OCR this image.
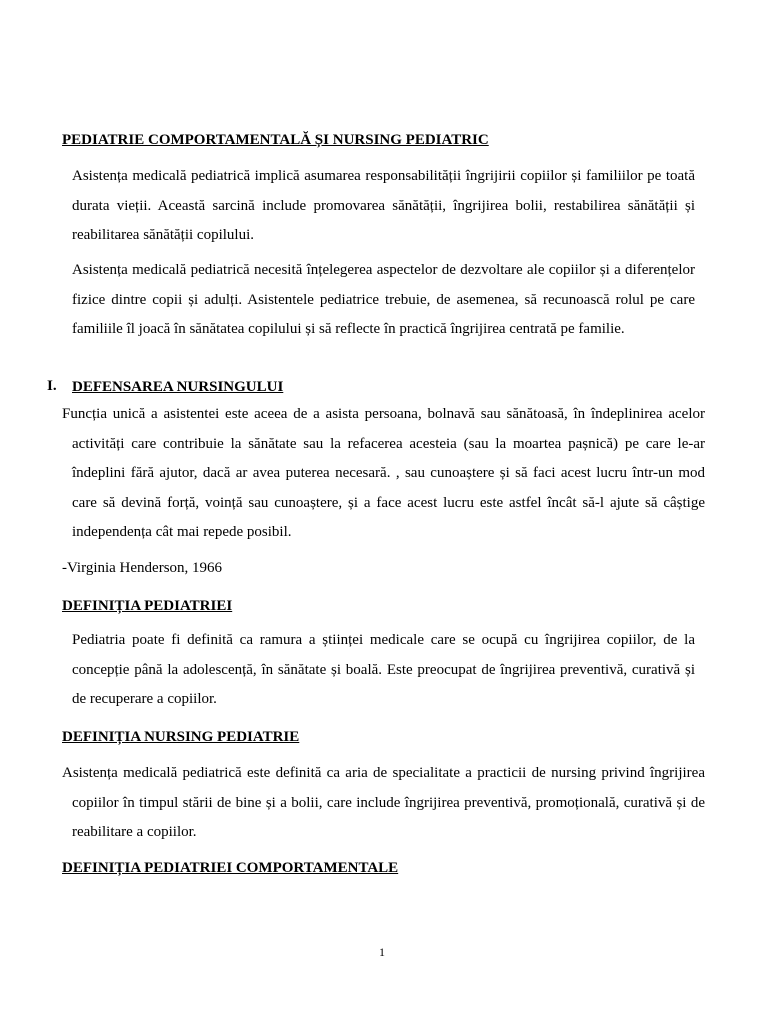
PEDIATRIE COMPORTAMENTALĂ ȘI NURSING PEDIATRIC

Asistența medicală pediatrică implică asumarea responsabilității îngrijirii copiilor și familiilor pe toată durata vieții. Această sarcină include promovarea sănătății, îngrijirea bolii, restabilirea sănătății și reabilitarea sănătății copilului.

Asistența medicală pediatrică necesită înțelegerea aspectelor de dezvoltare ale copiilor și a diferențelor fizice dintre copii și adulți. Asistentele pediatrice trebuie, de asemenea, să recunoască rolul pe care familiile îl joacă în sănătatea copilului și să reflecte în practică îngrijirea centrată pe familie.

I. DEFENSAREA NURSINGULUI

Funcția unică a asistentei este aceea de a asista persoana, bolnavă sau sănătoasă, în îndeplinirea acelor activități care contribuie la sănătate sau la refacerea acesteia (sau la moartea pașnică) pe care le-ar îndeplini fără ajutor, dacă ar avea puterea necesară. , sau cunoaștere și să faci acest lucru într-un mod care să devină forță, voință sau cunoaștere, și a face acest lucru este astfel încât să-l ajute să câștige independența cât mai repede posibil.

-Virginia Henderson, 1966
DEFINIȚIA PEDIATRIEI

Pediatria poate fi definită ca ramura a științei medicale care se ocupă cu îngrijirea copiilor, de la concepție până la adolescență, în sănătate și boală. Este preocupat de îngrijirea preventivă, curativă și de recuperare a copiilor.

DEFINIȚIA NURSING PEDIATRIE

Asistența medicală pediatrică este definită ca aria de specialitate a practicii de nursing privind îngrijirea copiilor în timpul stării de bine și a bolii, care include îngrijirea preventivă, promoțională, curativă și de reabilitare a copiilor.

DEFINIȚIA PEDIATRIEI COMPORTAMENTALE
1
